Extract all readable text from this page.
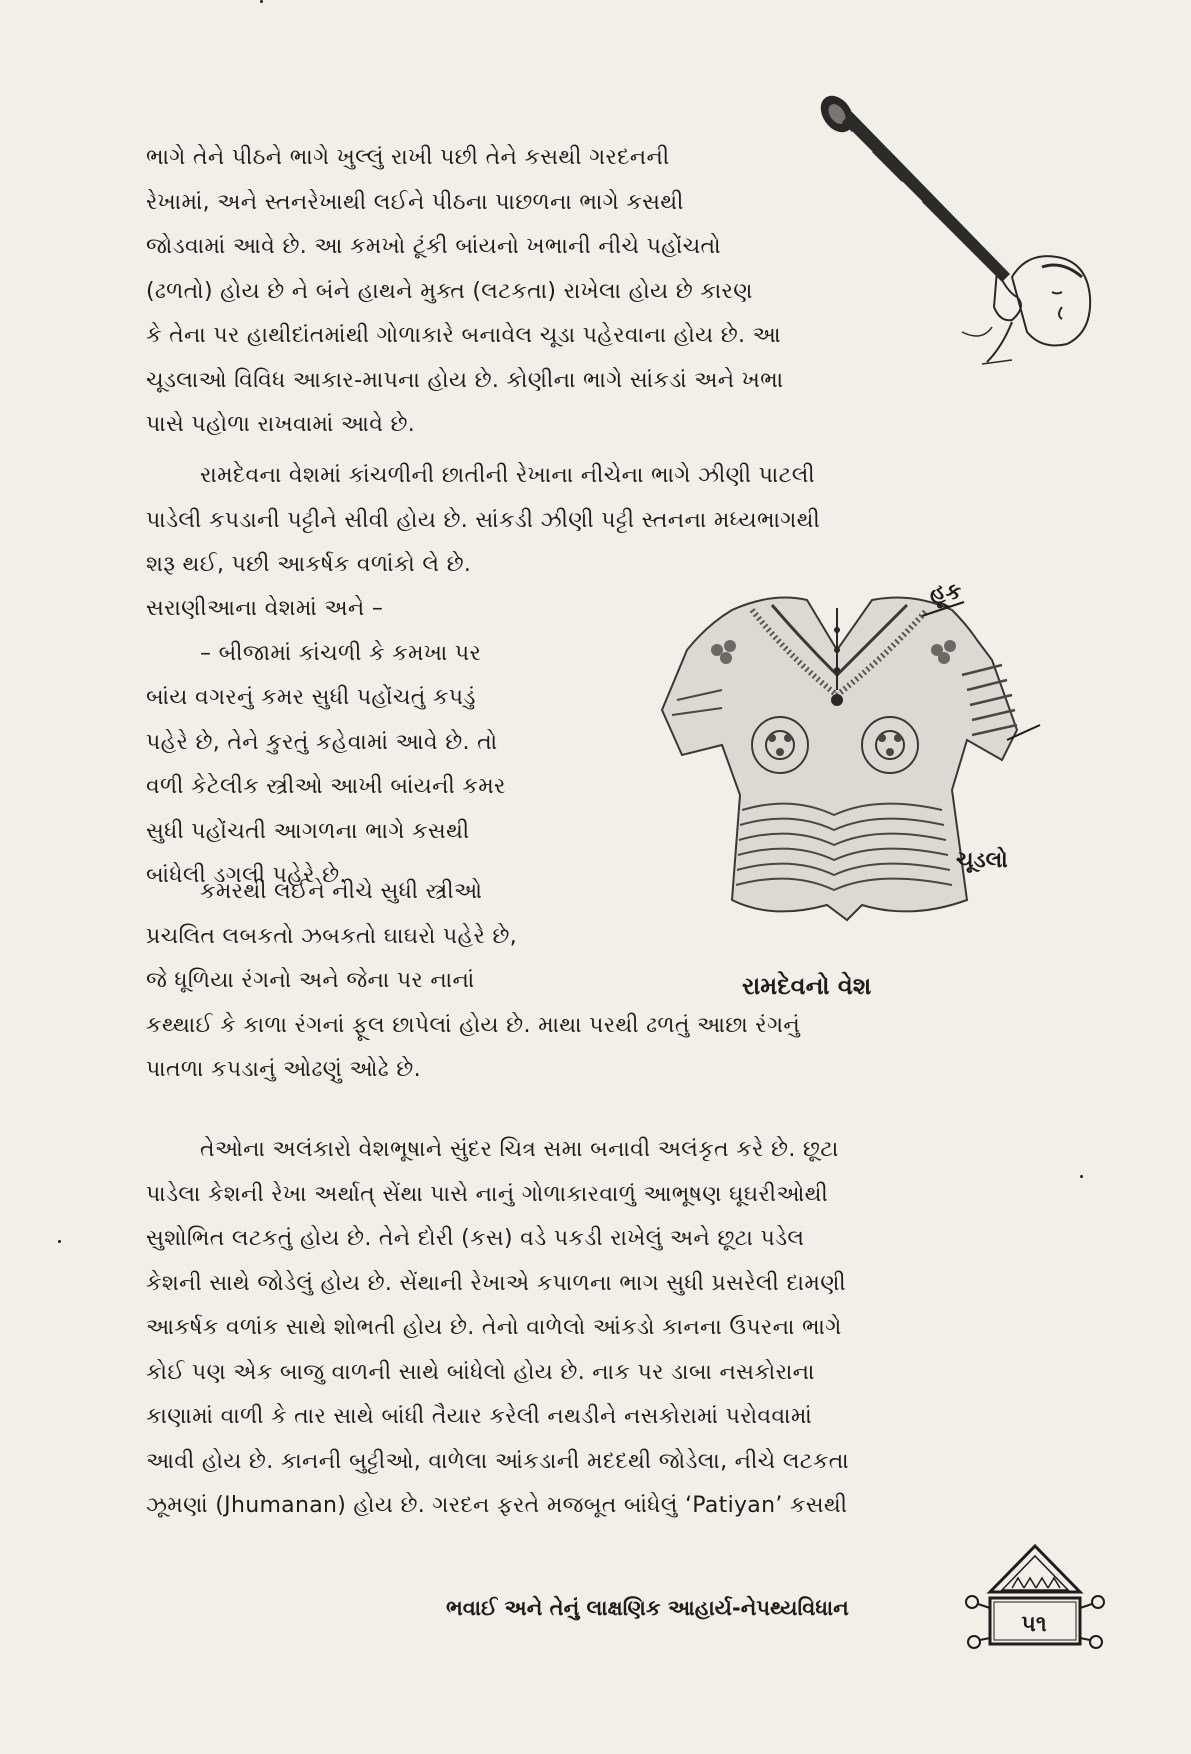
ભાગે તેને પીઠને ભાગે ખુલ્લું રાખી પછી તેને કસથી ગરદનની
રેખામાં, અને સ્તનરેખાથી લઈને પીઠના પાછળના ભાગે કસથી
જોડવામાં આવે છે. આ કમખો ટૂંકી બાંયનો ખભાની નીચે પહોંચતો
(ઢળતો) હોય છે ને બંને હાથને મુક્ત (લટકતા) રાખેલા હોય છે કારણ
કે તેના પર હાથીદાંતમાંથી ગોળાકારે બનાવેલ ચૂડા પહેરવાના હોય છે. આ
ચૂડલાઓ વિવિધ આકાર-માપના હોય છે. કોણીના ભાગે સાંકડાં અને ખભા
પાસે પહોળા રાખવામાં આવે છે.
રામદેવના વેશમાં કાંચળીની છાતીની રેખાના નીચેના ભાગે ઝીણી પાટલી
પાડેલી કપડાની પટ્ટીને સીવી હોય છે. સાંકડી ઝીણી પટ્ટી સ્તનના મધ્યભાગથી
શરૂ થઈ, પછી આકર્ષક વળાંકો લે છે.
સરાણીઆના વેશમાં અને –
– બીજામાં કાંચળી કે કમખા પર
બાંય વગરનું કમર સુધી પહોંચતું કપડું
પહેરે છે, તેને કુરતું કહેવામાં આવે છે. તો
વળી કેટેલીક સ્ત્રીઓ આખી બાંયની કમર
સુધી પહોંચતી આગળના ભાગે કસથી
બાંધેલી ડગલી પહેરે છે.
કમરથી લઈને નીચે સુધી સ્ત્રીઓ
પ્રચલિત લબકતો ઝબકતો ઘાઘરો પહેરે છે,
જે ધૂળિયા રંગનો અને જેના પર નાનાં
કથ્થાઈ કે કાળા રંગનાં ફૂલ છાપેલાં હોય છે. માથા પરથી ઢળતું આછા રંગનું
પાતળા કપડાનું ઓઢણું ઓઢે છે.
તેઓના અલંકારો વેશભૂષાને સુંદર ચિત્ર સમા બનાવી અલંકૃત કરે છે. છૂટા
પાડેલા કેશની રેખા અર્થાત્ સેંથા પાસે નાનું ગોળાકારવાળું આભૂષણ ઘૂઘરીઓથી
સુશોભિત લટકતું હોય છે. તેને દોરી (કસ) વડે પકડી રાખેલું અને છૂટા પડેલ
કેશની સાથે જોડેલું હોય છે. સેંથાની રેખાએ કપાળના ભાગ સુધી પ્રસરેલી દામણી
આકર્ષક વળાંક સાથે શોભતી હોય છે. તેનો વાળેલો આંકડો કાનના ઉપરના ભાગે
કોઈ પણ એક બાજુ વાળની સાથે બાંધેલો હોય છે. નાક પર ડાબા નસકોરાના
કાણામાં વાળી કે તાર સાથે બાંધી તૈયાર કરેલી નથડીને નસકોરામાં પરોવવામાં
આવી હોય છે. કાનની બુટ્ટીઓ, વાળેલા આંકડાની મદદથી જોડેલા, નીચે લટકતા
ઝૂમણાં (Jhumanan) હોય છે. ગરદન ફરતે મજબૂત બાંધેલું ‘Patiyan’ કસથી
હૂક
ચૂડલો
રામદેવનો વેશ
ભવાઈ અને તેનું લાક્ષણિક આહાર્ય-નેપથ્યવિધાન
૫૧
